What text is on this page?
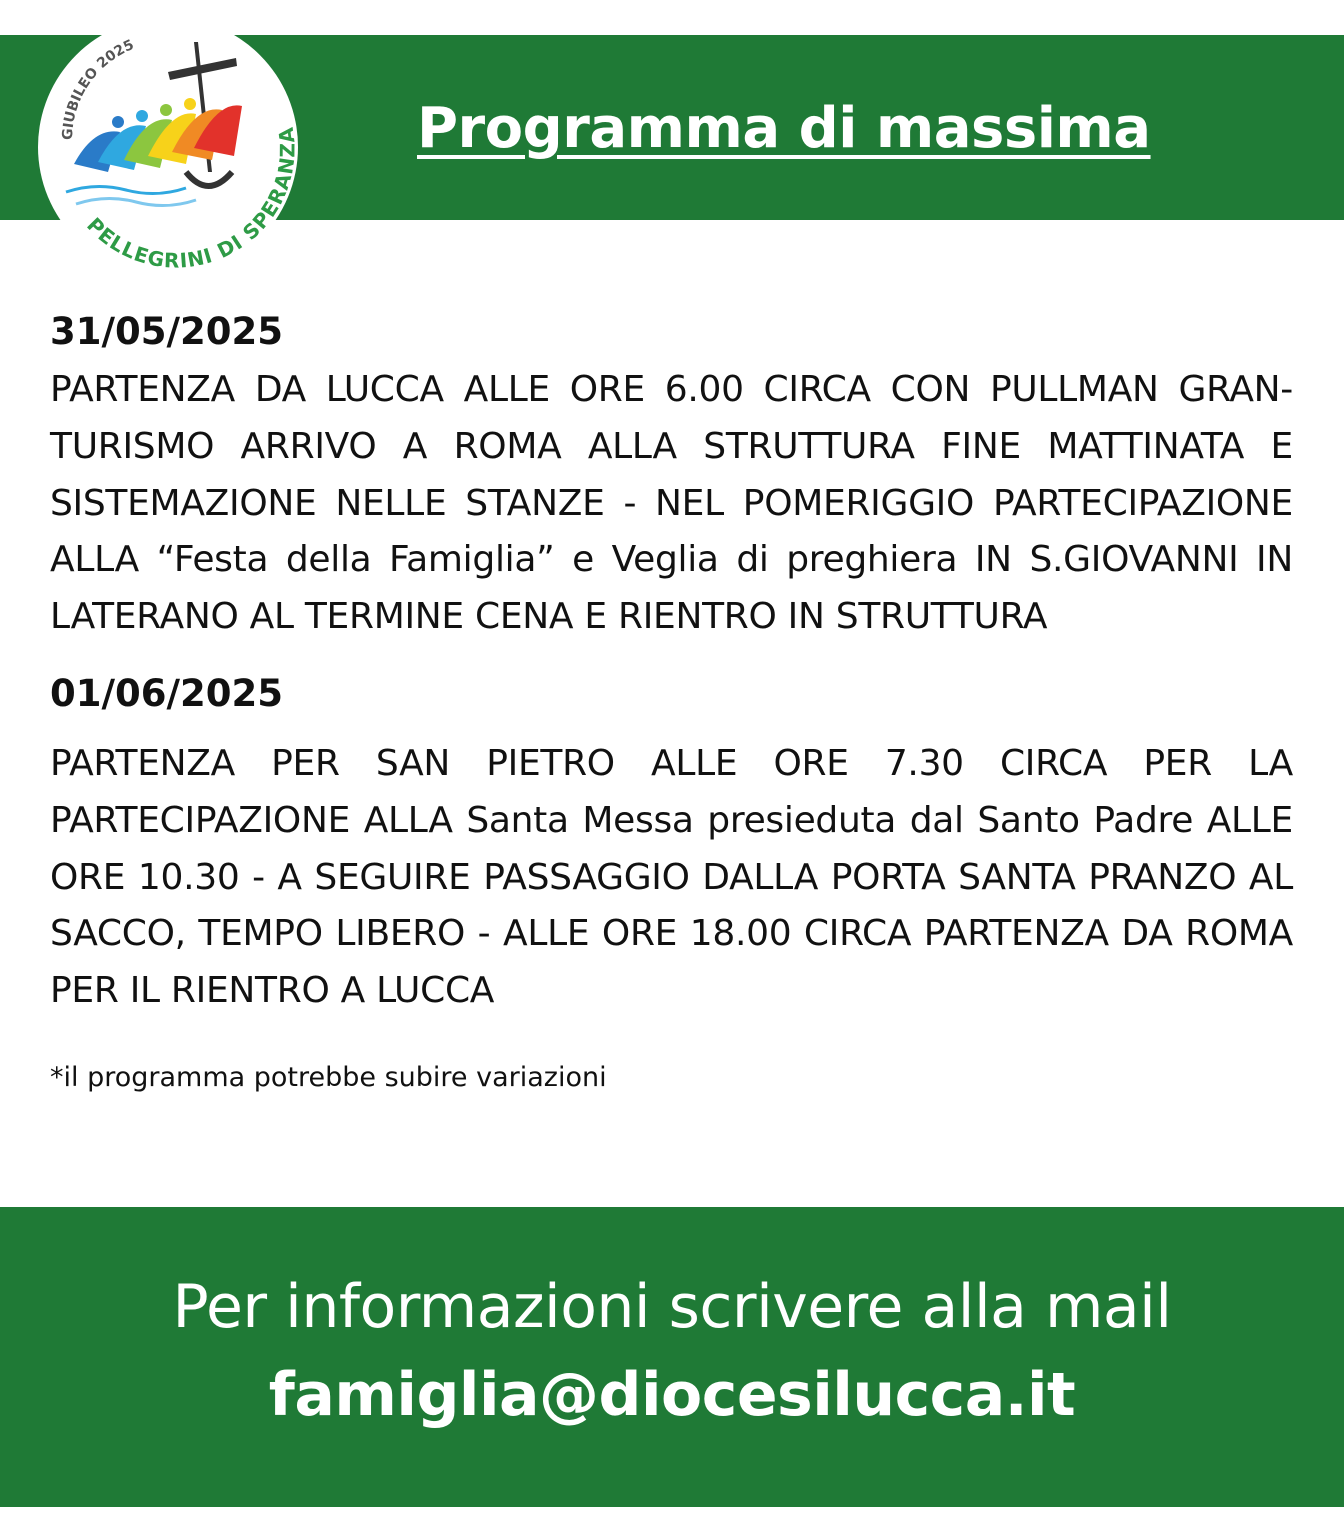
Programma di massima
GIUBILEO 2025
PELLEGRINI DI SPERANZA
31/05/2025
PARTENZA DA LUCCA ALLE ORE 6.00 CIRCA CON PULLMAN GRAN-TURISMO ARRIVO A ROMA ALLA STRUTTURA FINE MATTINATA E SISTEMAZIONE NELLE STANZE - NEL POMERIGGIO PARTECIPAZIONE ALLA “Festa della Famiglia” e Veglia di preghiera IN S.GIOVANNI IN LATERANO AL TERMINE CENA E RIENTRO IN STRUTTURA
01/06/2025
PARTENZA PER SAN PIETRO ALLE ORE 7.30 CIRCA PER LA PARTECIPAZIONE ALLA Santa Messa presieduta dal Santo Padre ALLE ORE 10.30 - A SEGUIRE PASSAGGIO DALLA PORTA SANTA PRANZO AL SACCO, TEMPO LIBERO - ALLE ORE 18.00 CIRCA PARTENZA DA ROMA PER IL RIENTRO A LUCCA
*il programma potrebbe subire variazioni
Per informazioni scrivere alla mail
famiglia@diocesilucca.it
